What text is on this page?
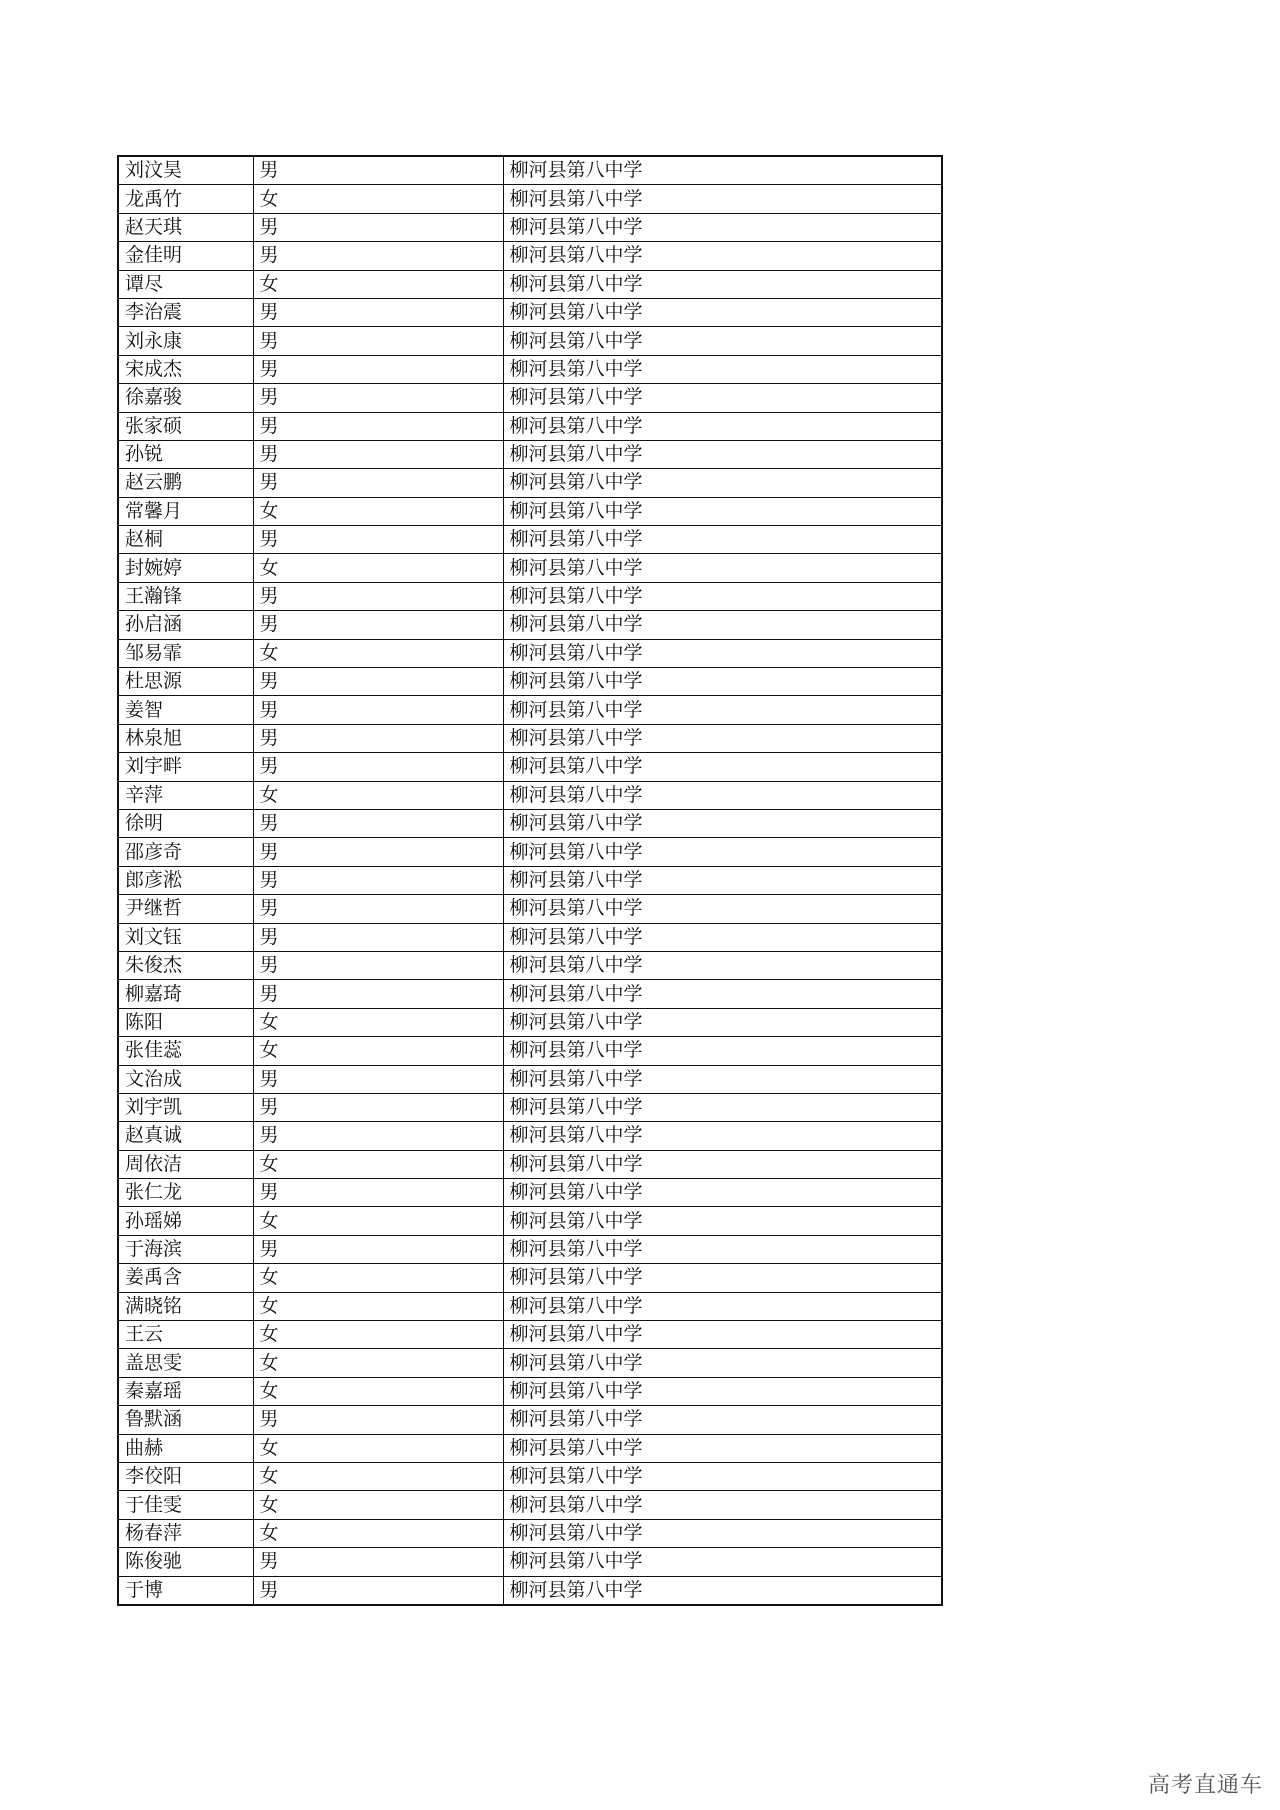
刘汶昊	男	柳河县第八中学
龙禹竹	女	柳河县第八中学
赵天琪	男	柳河县第八中学
金佳明	男	柳河县第八中学
谭尽	女	柳河县第八中学
李治震	男	柳河县第八中学
刘永康	男	柳河县第八中学
宋成杰	男	柳河县第八中学
徐嘉骏	男	柳河县第八中学
张家硕	男	柳河县第八中学
孙锐	男	柳河县第八中学
赵云鹏	男	柳河县第八中学
常馨月	女	柳河县第八中学
赵桐	男	柳河县第八中学
封婉婷	女	柳河县第八中学
王瀚锋	男	柳河县第八中学
孙启涵	男	柳河县第八中学
邹易霏	女	柳河县第八中学
杜思源	男	柳河县第八中学
姜智	男	柳河县第八中学
林泉旭	男	柳河县第八中学
刘宇畔	男	柳河县第八中学
辛萍	女	柳河县第八中学
徐明	男	柳河县第八中学
邵彦奇	男	柳河县第八中学
郎彦淞	男	柳河县第八中学
尹继哲	男	柳河县第八中学
刘文钰	男	柳河县第八中学
朱俊杰	男	柳河县第八中学
柳嘉琦	男	柳河县第八中学
陈阳	女	柳河县第八中学
张佳蕊	女	柳河县第八中学
文治成	男	柳河县第八中学
刘宇凯	男	柳河县第八中学
赵真诚	男	柳河县第八中学
周依洁	女	柳河县第八中学
张仁龙	男	柳河县第八中学
孙瑶娣	女	柳河县第八中学
于海滨	男	柳河县第八中学
姜禹含	女	柳河县第八中学
满晓铭	女	柳河县第八中学
王云	女	柳河县第八中学
盖思雯	女	柳河县第八中学
秦嘉瑶	女	柳河县第八中学
鲁默涵	男	柳河县第八中学
曲赫	女	柳河县第八中学
李佼阳	女	柳河县第八中学
于佳雯	女	柳河县第八中学
杨春萍	女	柳河县第八中学
陈俊驰	男	柳河县第八中学
于博	男	柳河县第八中学
高考直通车
